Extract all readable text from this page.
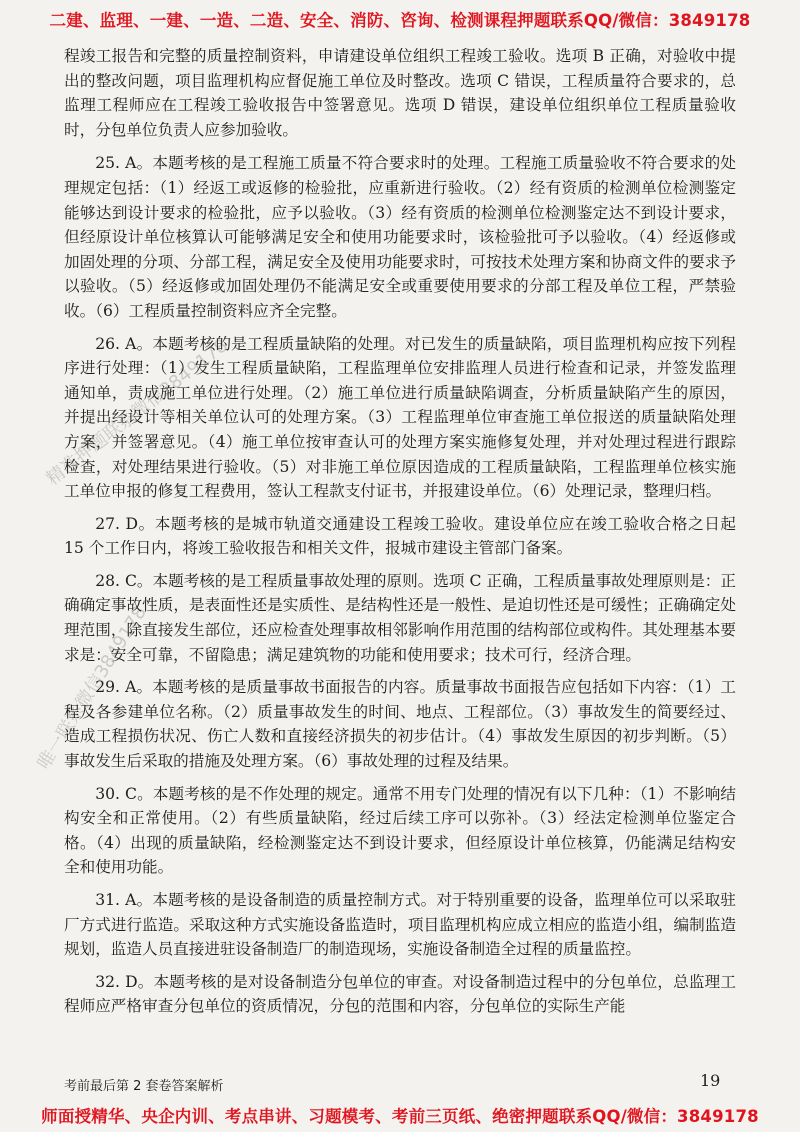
二建、监理、一建、一造、二造、安全、消防、咨询、检测课程押题联系QQ/微信：3849178
精准押题联系微信3849178
唯一联系微信3849178

程竣工报告和完整的质量控制资料，申请建设单位组织工程竣工验收。选项 B 正确，对验收中提出的整改问题，项目监理机构应督促施工单位及时整改。选项 C 错误，工程质量符合要求的，总监理工程师应在工程竣工验收报告中签署意见。选项 D 错误，建设单位组织单位工程质量验收时，分包单位负责人应参加验收。

25. A。本题考核的是工程施工质量不符合要求时的处理。工程施工质量验收不符合要求的处理规定包括：（1）经返工或返修的检验批，应重新进行验收。（2）经有资质的检测单位检测鉴定能够达到设计要求的检验批，应予以验收。（3）经有资质的检测单位检测鉴定达不到设计要求，但经原设计单位核算认可能够满足安全和使用功能要求时，该检验批可予以验收。（4）经返修或加固处理的分项、分部工程，满足安全及使用功能要求时，可按技术处理方案和协商文件的要求予以验收。（5）经返修或加固处理仍不能满足安全或重要使用要求的分部工程及单位工程，严禁验收。（6）工程质量控制资料应齐全完整。

26. A。本题考核的是工程质量缺陷的处理。对已发生的质量缺陷，项目监理机构应按下列程序进行处理：（1）发生工程质量缺陷，工程监理单位安排监理人员进行检查和记录，并签发监理通知单，责成施工单位进行处理。（2）施工单位进行质量缺陷调查，分析质量缺陷产生的原因，并提出经设计等相关单位认可的处理方案。（3）工程监理单位审查施工单位报送的质量缺陷处理方案，并签署意见。（4）施工单位按审查认可的处理方案实施修复处理，并对处理过程进行跟踪检查，对处理结果进行验收。（5）对非施工单位原因造成的工程质量缺陷，工程监理单位核实施工单位申报的修复工程费用，签认工程款支付证书，并报建设单位。（6）处理记录，整理归档。

27. D。本题考核的是城市轨道交通建设工程竣工验收。建设单位应在竣工验收合格之日起 15 个工作日内，将竣工验收报告和相关文件，报城市建设主管部门备案。

28. C。本题考核的是工程质量事故处理的原则。选项 C 正确，工程质量事故处理原则是：正确确定事故性质，是表面性还是实质性、是结构性还是一般性、是迫切性还是可缓性；正确确定处理范围，除直接发生部位，还应检查处理事故相邻影响作用范围的结构部位或构件。其处理基本要求是：安全可靠，不留隐患；满足建筑物的功能和使用要求；技术可行，经济合理。

29. A。本题考核的是质量事故书面报告的内容。质量事故书面报告应包括如下内容：（1）工程及各参建单位名称。（2）质量事故发生的时间、地点、工程部位。（3）事故发生的简要经过、造成工程损伤状况、伤亡人数和直接经济损失的初步估计。（4）事故发生原因的初步判断。（5）事故发生后采取的措施及处理方案。（6）事故处理的过程及结果。

30. C。本题考核的是不作处理的规定。通常不用专门处理的情况有以下几种：（1）不影响结构安全和正常使用。（2）有些质量缺陷，经过后续工序可以弥补。（3）经法定检测单位鉴定合格。（4）出现的质量缺陷，经检测鉴定达不到设计要求，但经原设计单位核算，仍能满足结构安全和使用功能。

31. A。本题考核的是设备制造的质量控制方式。对于特别重要的设备，监理单位可以采取驻厂方式进行监造。采取这种方式实施设备监造时，项目监理机构应成立相应的监造小组，编制监造规划，监造人员直接进驻设备制造厂的制造现场，实施设备制造全过程的质量监控。

32. D。本题考核的是对设备制造分包单位的审查。对设备制造过程中的分包单位，总监理工程师应严格审查分包单位的资质情况，分包的范围和内容，分包单位的实际生产能

考前最后第 2 套卷答案解析	19
师面授精华、央企内训、考点串讲、习题模考、考前三页纸、绝密押题联系QQ/微信：3849178
